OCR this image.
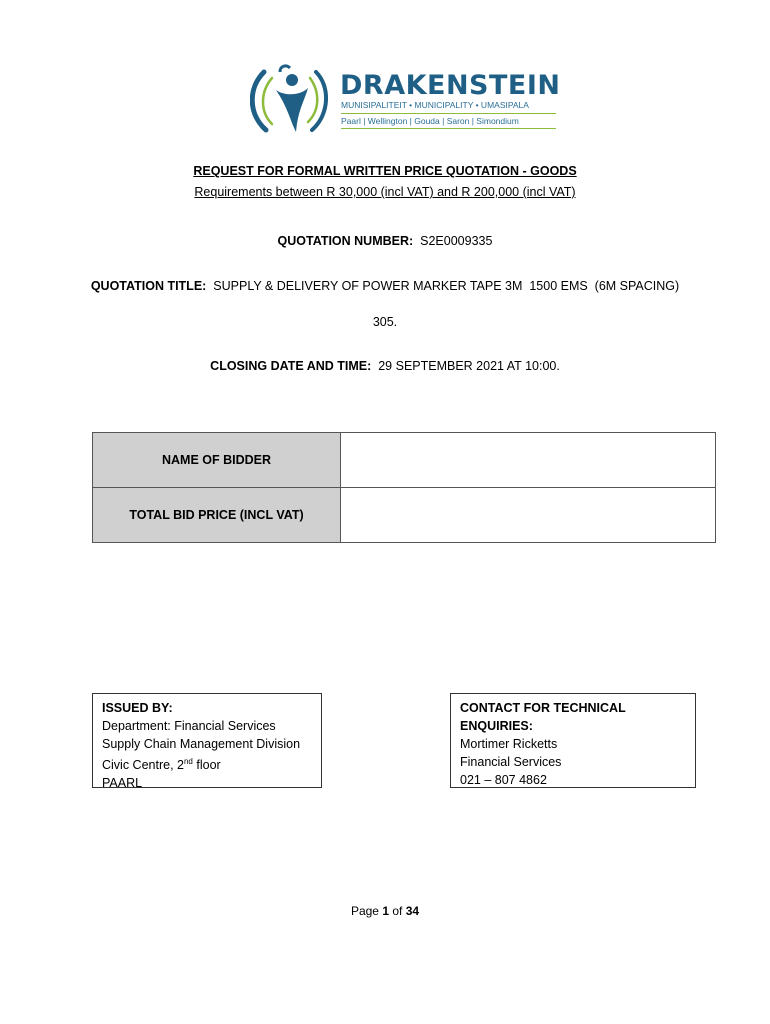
DRAKENSTEIN
MUNISIPALITEIT • MUNICIPALITY • UMASIPALA
Paarl | Wellington | Gouda | Saron | Simondium
REQUEST FOR FORMAL WRITTEN PRICE QUOTATION - GOODS
Requirements between R 30,000 (incl VAT) and R 200,000 (incl VAT)
QUOTATION NUMBER: S2E0009335
QUOTATION TITLE: SUPPLY & DELIVERY OF POWER MARKER TAPE 3M  1500 EMS  (6M SPACING)
305.
CLOSING DATE AND TIME: 29 SEPTEMBER 2021 AT 10:00.
NAME OF BIDDER	
TOTAL BID PRICE (INCL VAT)	
ISSUED BY:
Department: Financial Services
Supply Chain Management Division
Civic Centre, 2nd floor
PAARL
CONTACT FOR TECHNICAL ENQUIRIES:
Mortimer Ricketts
Financial Services
021 – 807 4862
Page 1 of 34
